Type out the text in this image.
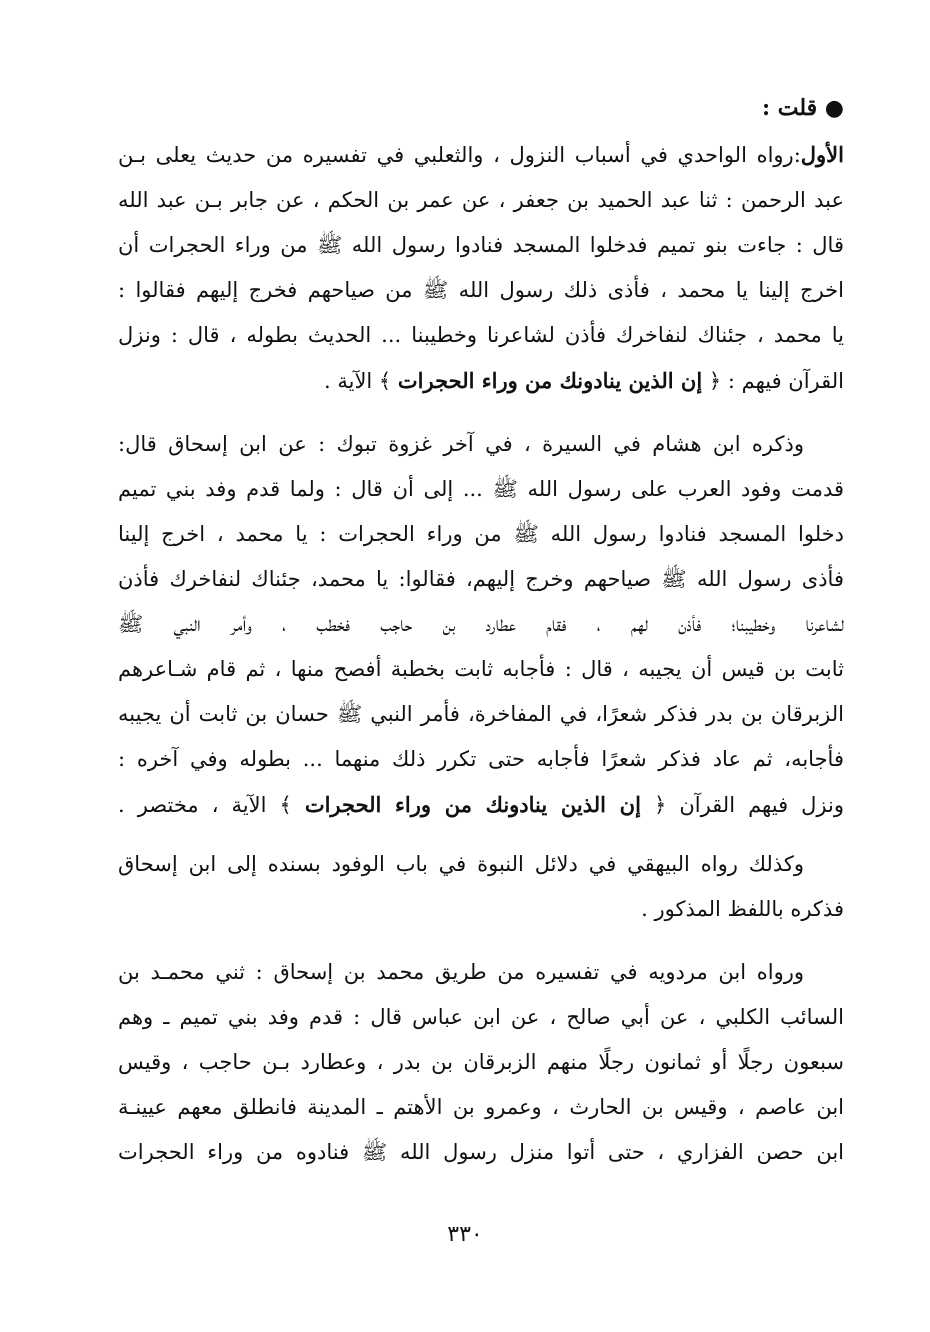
● قلت :
الأول:رواه الواحدي في أسباب النزول ، والثعلبي في تفسيره من حديث يعلى بـن
عبد الرحمن : ثنا عبد الحميد بن جعفر ، عن عمر بن الحكم ، عن جابر بـن عبد الله
قال : جاءت بنو تميم فدخلوا المسجد فنادوا رسول الله ﷺ من وراء الحجرات أن
اخرج إلينا يا محمد ، فأذى ذلك رسول الله ﷺ من صياحهم فخرج إليهم فقالوا :
يا محمد ، جئناك لنفاخرك فأذن لشاعرنا وخطيبنا ... الحديث بطوله ، قال : ونزل
القرآن فيهم : ﴿ إن الذين ينادونك من وراء الحجرات ﴾ الآية .
وذكره ابن هشام في السيرة ، في آخر غزوة تبوك : عن ابن إسحاق قال:
قدمت وفود العرب على رسول الله ﷺ ... إلى أن قال : ولما قدم وفد بني تميم
دخلوا المسجد فنادوا رسول الله ﷺ من وراء الحجرات : يا محمد ، اخرج إلينا
فأذى رسول الله ﷺ صياحهم وخرج إليهم، فقالوا: يا محمد، جئناك لنفاخرك فأذن
لشاعرنا وخطيبنا؛ فأذن لهم ، فقام عطارد بن حاجب فخطب ، وأمر النبي ﷺ
ثابت بن قيس أن يجيبه ، قال : فأجابه ثابت بخطبة أفصح منها ، ثم قام شـاعرهم
الزبرقان بن بدر فذكر شعرًا، في المفاخرة، فأمر النبي ﷺ حسان بن ثابت أن يجيبه
فأجابه، ثم عاد فذكر شعرًا فأجابه حتى تكرر ذلك منهما ... بطوله وفي آخره :
ونزل فيهم القرآن ﴿ إن الذين ينادونك من وراء الحجرات ﴾ الآية ، مختصر .
وكذلك رواه البيهقي في دلائل النبوة في باب الوفود بسنده إلى ابن إسحاق
فذكره باللفظ المذكور .
ورواه ابن مردويه في تفسيره من طريق محمد بن إسحاق : ثني محمـد بن
السائب الكلبي ، عن أبي صالح ، عن ابن عباس قال : قدم وفد بني تميم ـ وهم
سبعون رجلًا أو ثمانون رجلًا منهم الزبرقان بن بدر ، وعطارد بـن حاجب ، وقيس
ابن عاصم ، وقيس بن الحارث ، وعمرو بن الأهتم ـ المدينة فانطلق معهم عيينـة
ابن حصن الفزاري ، حتى أتوا منزل رسول الله ﷺ فنادوه من وراء الحجرات
٣٣٠
